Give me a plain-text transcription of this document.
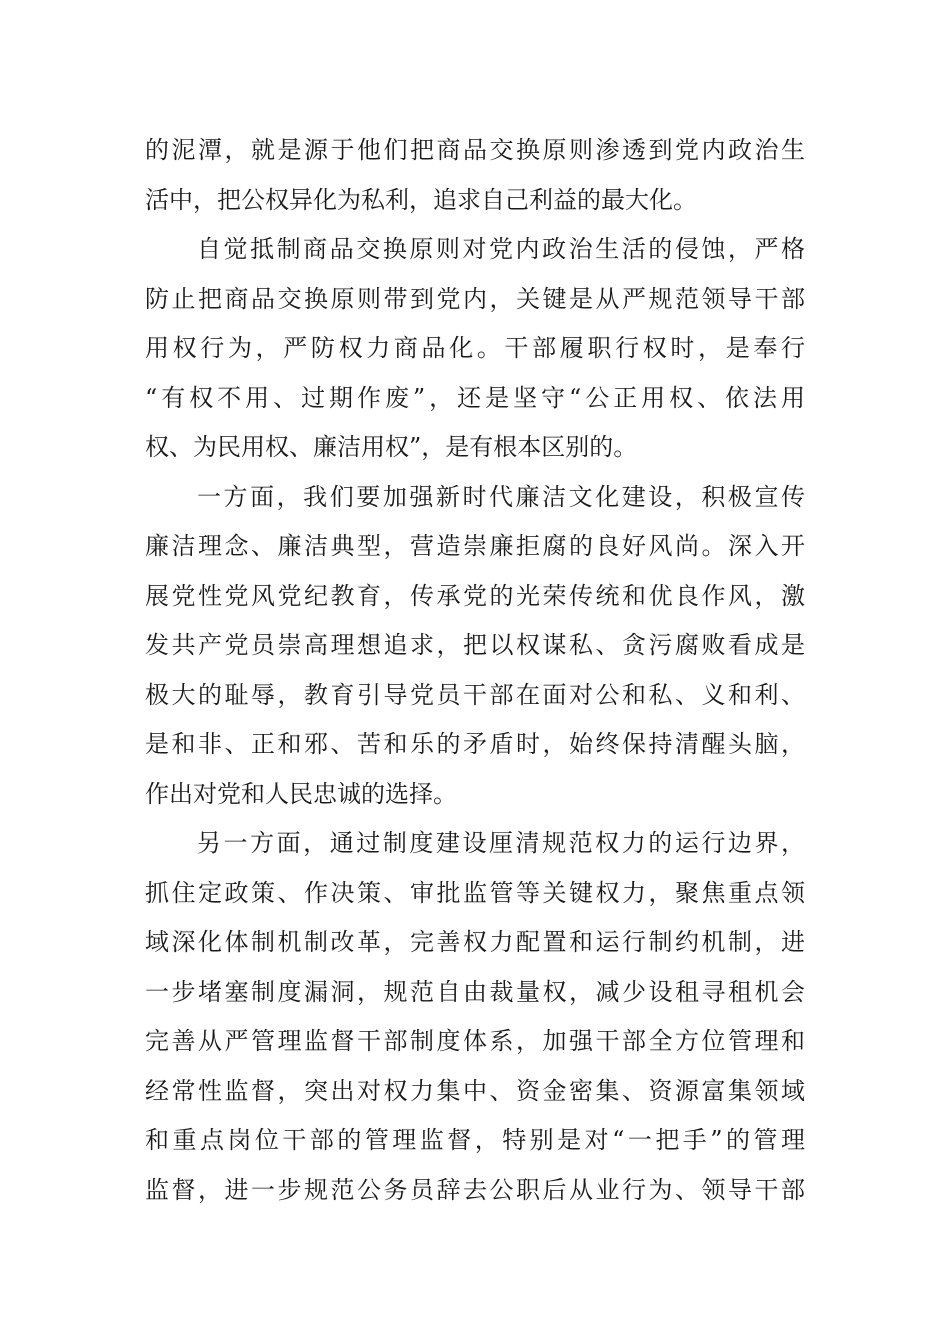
的泥潭，就是源于他们把商品交换原则渗透到党内政治生
活中，把公权异化为私利，追求自己利益的最大化。
自觉抵制商品交换原则对党内政治生活的侵蚀，严格
防止把商品交换原则带到党内，关键是从严规范领导干部
用权行为，严防权力商品化。干部履职行权时，是奉行
“有权不用、过期作废”，还是坚守“公正用权、依法用
权、为民用权、廉洁用权”，是有根本区别的。
一方面，我们要加强新时代廉洁文化建设，积极宣传
廉洁理念、廉洁典型，营造崇廉拒腐的良好风尚。深入开
展党性党风党纪教育，传承党的光荣传统和优良作风，激
发共产党员崇高理想追求，把以权谋私、贪污腐败看成是
极大的耻辱，教育引导党员干部在面对公和私、义和利、
是和非、正和邪、苦和乐的矛盾时，始终保持清醒头脑，
作出对党和人民忠诚的选择。
另一方面，通过制度建设厘清规范权力的运行边界，
抓住定政策、作决策、审批监管等关键权力，聚焦重点领
域深化体制机制改革，完善权力配置和运行制约机制，进
一步堵塞制度漏洞，规范自由裁量权，减少设租寻租机会
完善从严管理监督干部制度体系，加强干部全方位管理和
经常性监督，突出对权力集中、资金密集、资源富集领域
和重点岗位干部的管理监督，特别是对“一把手”的管理
监督，进一步规范公务员辞去公职后从业行为、领导干部
